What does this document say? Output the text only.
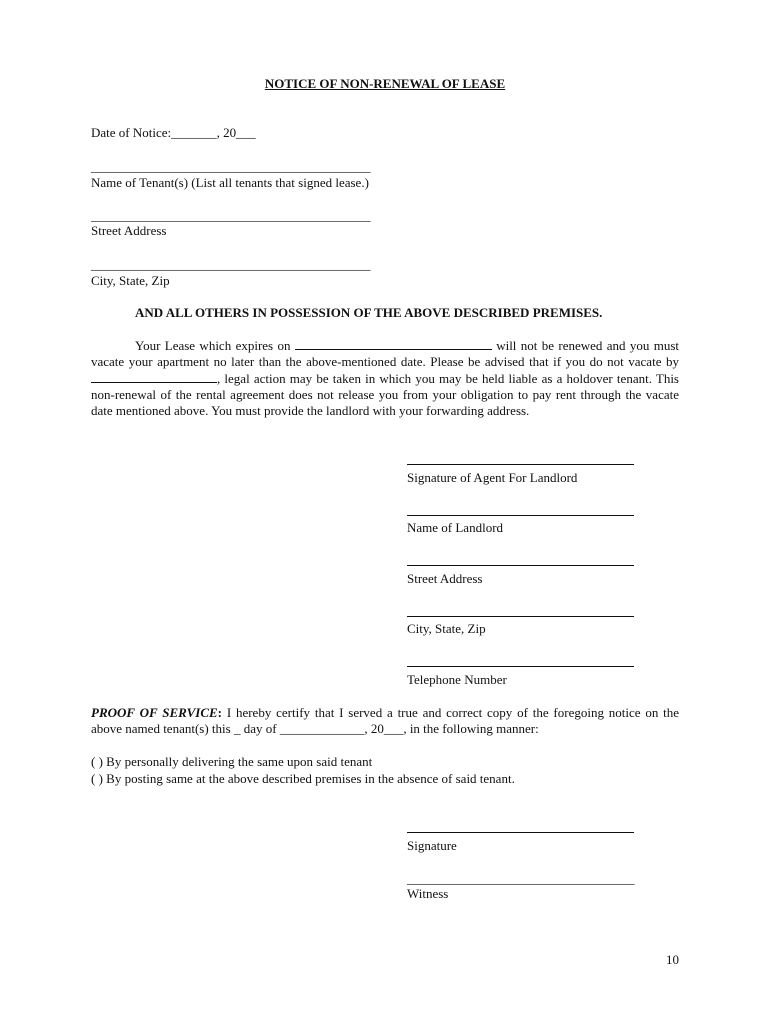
NOTICE OF NON-RENEWAL OF LEASE
Date of Notice:_______, 20___
___________________________________________
Name of Tenant(s) (List all tenants that signed lease.)
___________________________________________
Street Address
___________________________________________
City, State, Zip
AND ALL OTHERS IN POSSESSION OF THE ABOVE DESCRIBED PREMISES.
Your Lease which expires on	will not be renewed and you must vacate your apartment no later than the above-mentioned date. Please be advised that if you do not vacate by , legal action may be taken in which you may be held liable as a holdover tenant. This non-renewal of the rental agreement does not release you from your obligation to pay rent through the vacate date mentioned above. You must provide the landlord with your forwarding address.
Signature of Agent For Landlord
Name of Landlord
Street Address
City, State, Zip
Telephone Number
PROOF OF SERVICE: I hereby certify that I served a true and correct copy of the foregoing notice on the above named tenant(s) this _ day of _____________, 20___, in the following manner:
( ) By personally delivering the same upon said tenant
( ) By posting same at the above described premises in the absence of said tenant.
Signature
___________________________________
Witness
10
